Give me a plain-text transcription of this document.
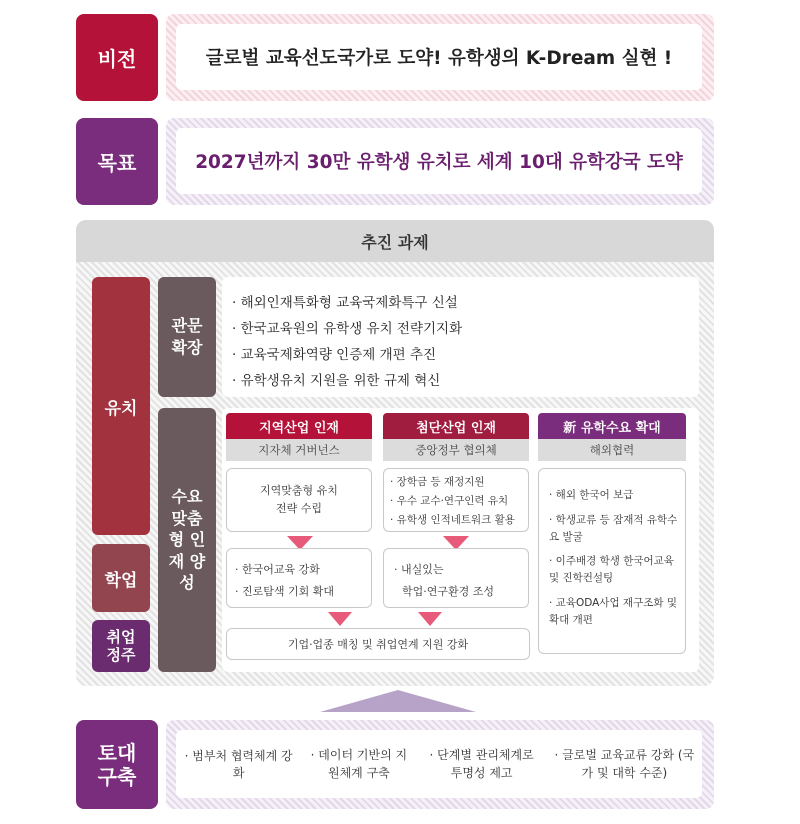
비전	글로벌 교육선도국가로 도약! 유학생의 K-Dream 실현 !
목표	2027년까지 30만 유학생 유치로 세계 10대 유학강국 도약
추진 과제
유치
학업
취업 정주
관문 확장
· 해외인재특화형 교육국제화특구 신설
· 한국교육원의 유학생 유치 전략기지화
· 교육국제화역량 인증제 개편 추진
· 유학생유치 지원을 위한 규제 혁신
수요 맞춤형 인재 양성
지역산업 인재
지자체 거버넌스
지역맞춤형 유치전략 수립
· 한국어교육 강화
· 진로탐색 기회 확대
첨단산업 인재
중앙정부 협의체
· 장학금 등 재정지원
· 우수 교수·연구인력 유치
· 유학생 인적네트워크 활용
· 내실있는
학업·연구환경 조성
新 유학수요 확대
해외협력
· 해외 한국어 보급
· 학생교류 등 잠재적 유학수요 발굴
· 이주배경 학생 한국어교육 및 진학컨설팅
· 교육ODA사업 재구조화 및 확대 개편
기업·업종 매칭 및 취업연계 지원 강화
토대 구축
· 범부처 협력체계 강화
· 데이터 기반의 지원체계 구축
· 단계별 관리체계로 투명성 제고
· 글로벌 교육교류 강화 (국가 및 대학 수준)
